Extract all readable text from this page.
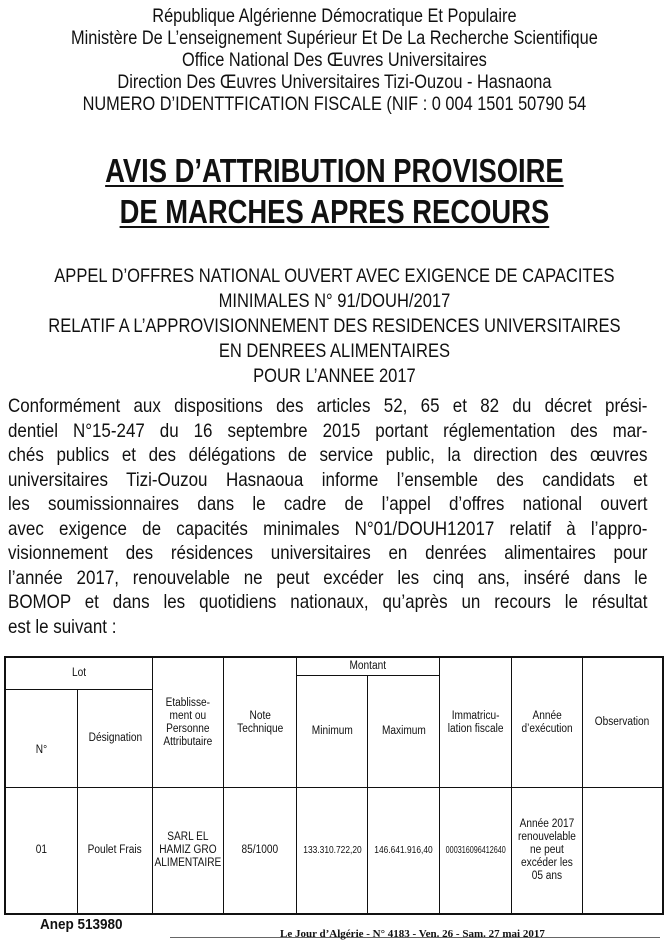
République Algérienne Démocratique Et Populaire
Ministère De L’enseignement Supérieur Et De La Recherche Scientifique
Office National Des Œuvres Universitaires
Direction Des Œuvres Universitaires Tizi-Ouzou - Hasnaona
NUMERO D’IDENTTFICATION FISCALE (NIF : 0 004 1501 50790 54
AVIS D’ATTRIBUTION PROVISOIRE
DE MARCHES APRES RECOURS
APPEL D’OFFRES NATIONAL OUVERT AVEC EXIGENCE DE CAPACITES
MINIMALES N° 91/DOUH/2017
RELATIF A L’APPROVISIONNEMENT DES RESIDENCES UNIVERSITAIRES
EN DENREES ALIMENTAIRES
POUR L’ANNEE 2017
Conformément aux dispositions des articles 52, 65 et 82 du décret prési-
dentiel N°15-247 du 16 septembre 2015 portant réglementation des mar-
chés publics et des délégations de service public, la direction des œuvres
universitaires Tizi-Ouzou Hasnaoua informe l’ensemble des candidats et
les soumissionnaires dans le cadre de l’appel d’offres national ouvert
avec exigence de capacités minimales N°01/DOUH12017 relatif à l’appro-
visionnement des résidences universitaires en denrées alimentaires pour
l’année 2017, renouvelable ne peut excéder les cinq ans, inséré dans le
BOMOP et dans les quotidiens nationaux, qu’après un recours le résultat
est le suivant :
Lot
Etablisse-
ment ou
Personne
Attributaire
Note
Technique
Montant
Immatricu-
lation fiscale
Année
d’exécution
Observation
N°
Désignation
Minimum	Maximum
01	Poulet Frais
SARL EL
HAMIZ GRO
ALIMENTAIRE
85/1000 133.310.722,20 146.641.916,40 000316096412640
Année 2017
renouvelable
ne peut
excéder les
05 ans
Anep 513980
Le Jour d’Algérie - N° 4183 - Ven. 26 - Sam. 27 mai 2017
